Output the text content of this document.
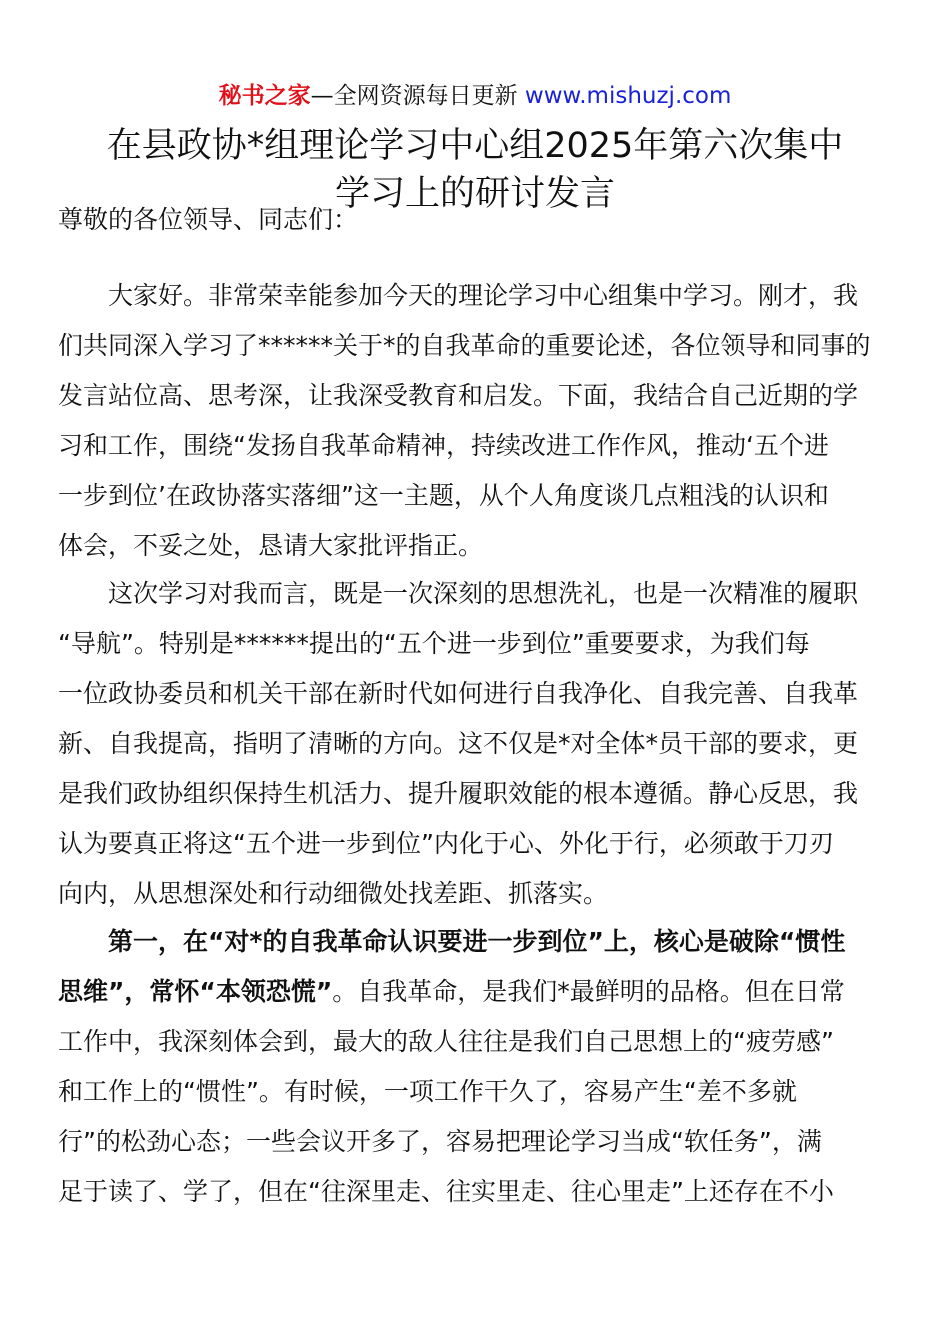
秘书之家—全网资源每日更新 www.mishuzj.com
在县政协*组理论学习中心组2025年第六次集中
学习上的研讨发言
尊敬的各位领导、同志们：
大家好。非常荣幸能参加今天的理论学习中心组集中学习。刚才，我
们共同深入学习了******关于*的自我革命的重要论述，各位领导和同事的
发言站位高、思考深，让我深受教育和启发。下面，我结合自己近期的学
习和工作，围绕“发扬自我革命精神，持续改进工作作风，推动‘五个进
一步到位’在政协落实落细”这一主题，从个人角度谈几点粗浅的认识和
体会，不妥之处，恳请大家批评指正。
这次学习对我而言，既是一次深刻的思想洗礼，也是一次精准的履职
“导航”。特别是******提出的“五个进一步到位”重要要求，为我们每
一位政协委员和机关干部在新时代如何进行自我净化、自我完善、自我革
新、自我提高，指明了清晰的方向。这不仅是*对全体*员干部的要求，更
是我们政协组织保持生机活力、提升履职效能的根本遵循。静心反思，我
认为要真正将这“五个进一步到位”内化于心、外化于行，必须敢于刀刃
向内，从思想深处和行动细微处找差距、抓落实。
第一，在“对*的自我革命认识要进一步到位”上，核心是破除“惯性
思维”，常怀“本领恐慌”。自我革命，是我们*最鲜明的品格。但在日常
工作中，我深刻体会到，最大的敌人往往是我们自己思想上的“疲劳感”
和工作上的“惯性”。有时候，一项工作干久了，容易产生“差不多就
行”的松劲心态；一些会议开多了，容易把理论学习当成“软任务”，满
足于读了、学了，但在“往深里走、往实里走、往心里走”上还存在不小
